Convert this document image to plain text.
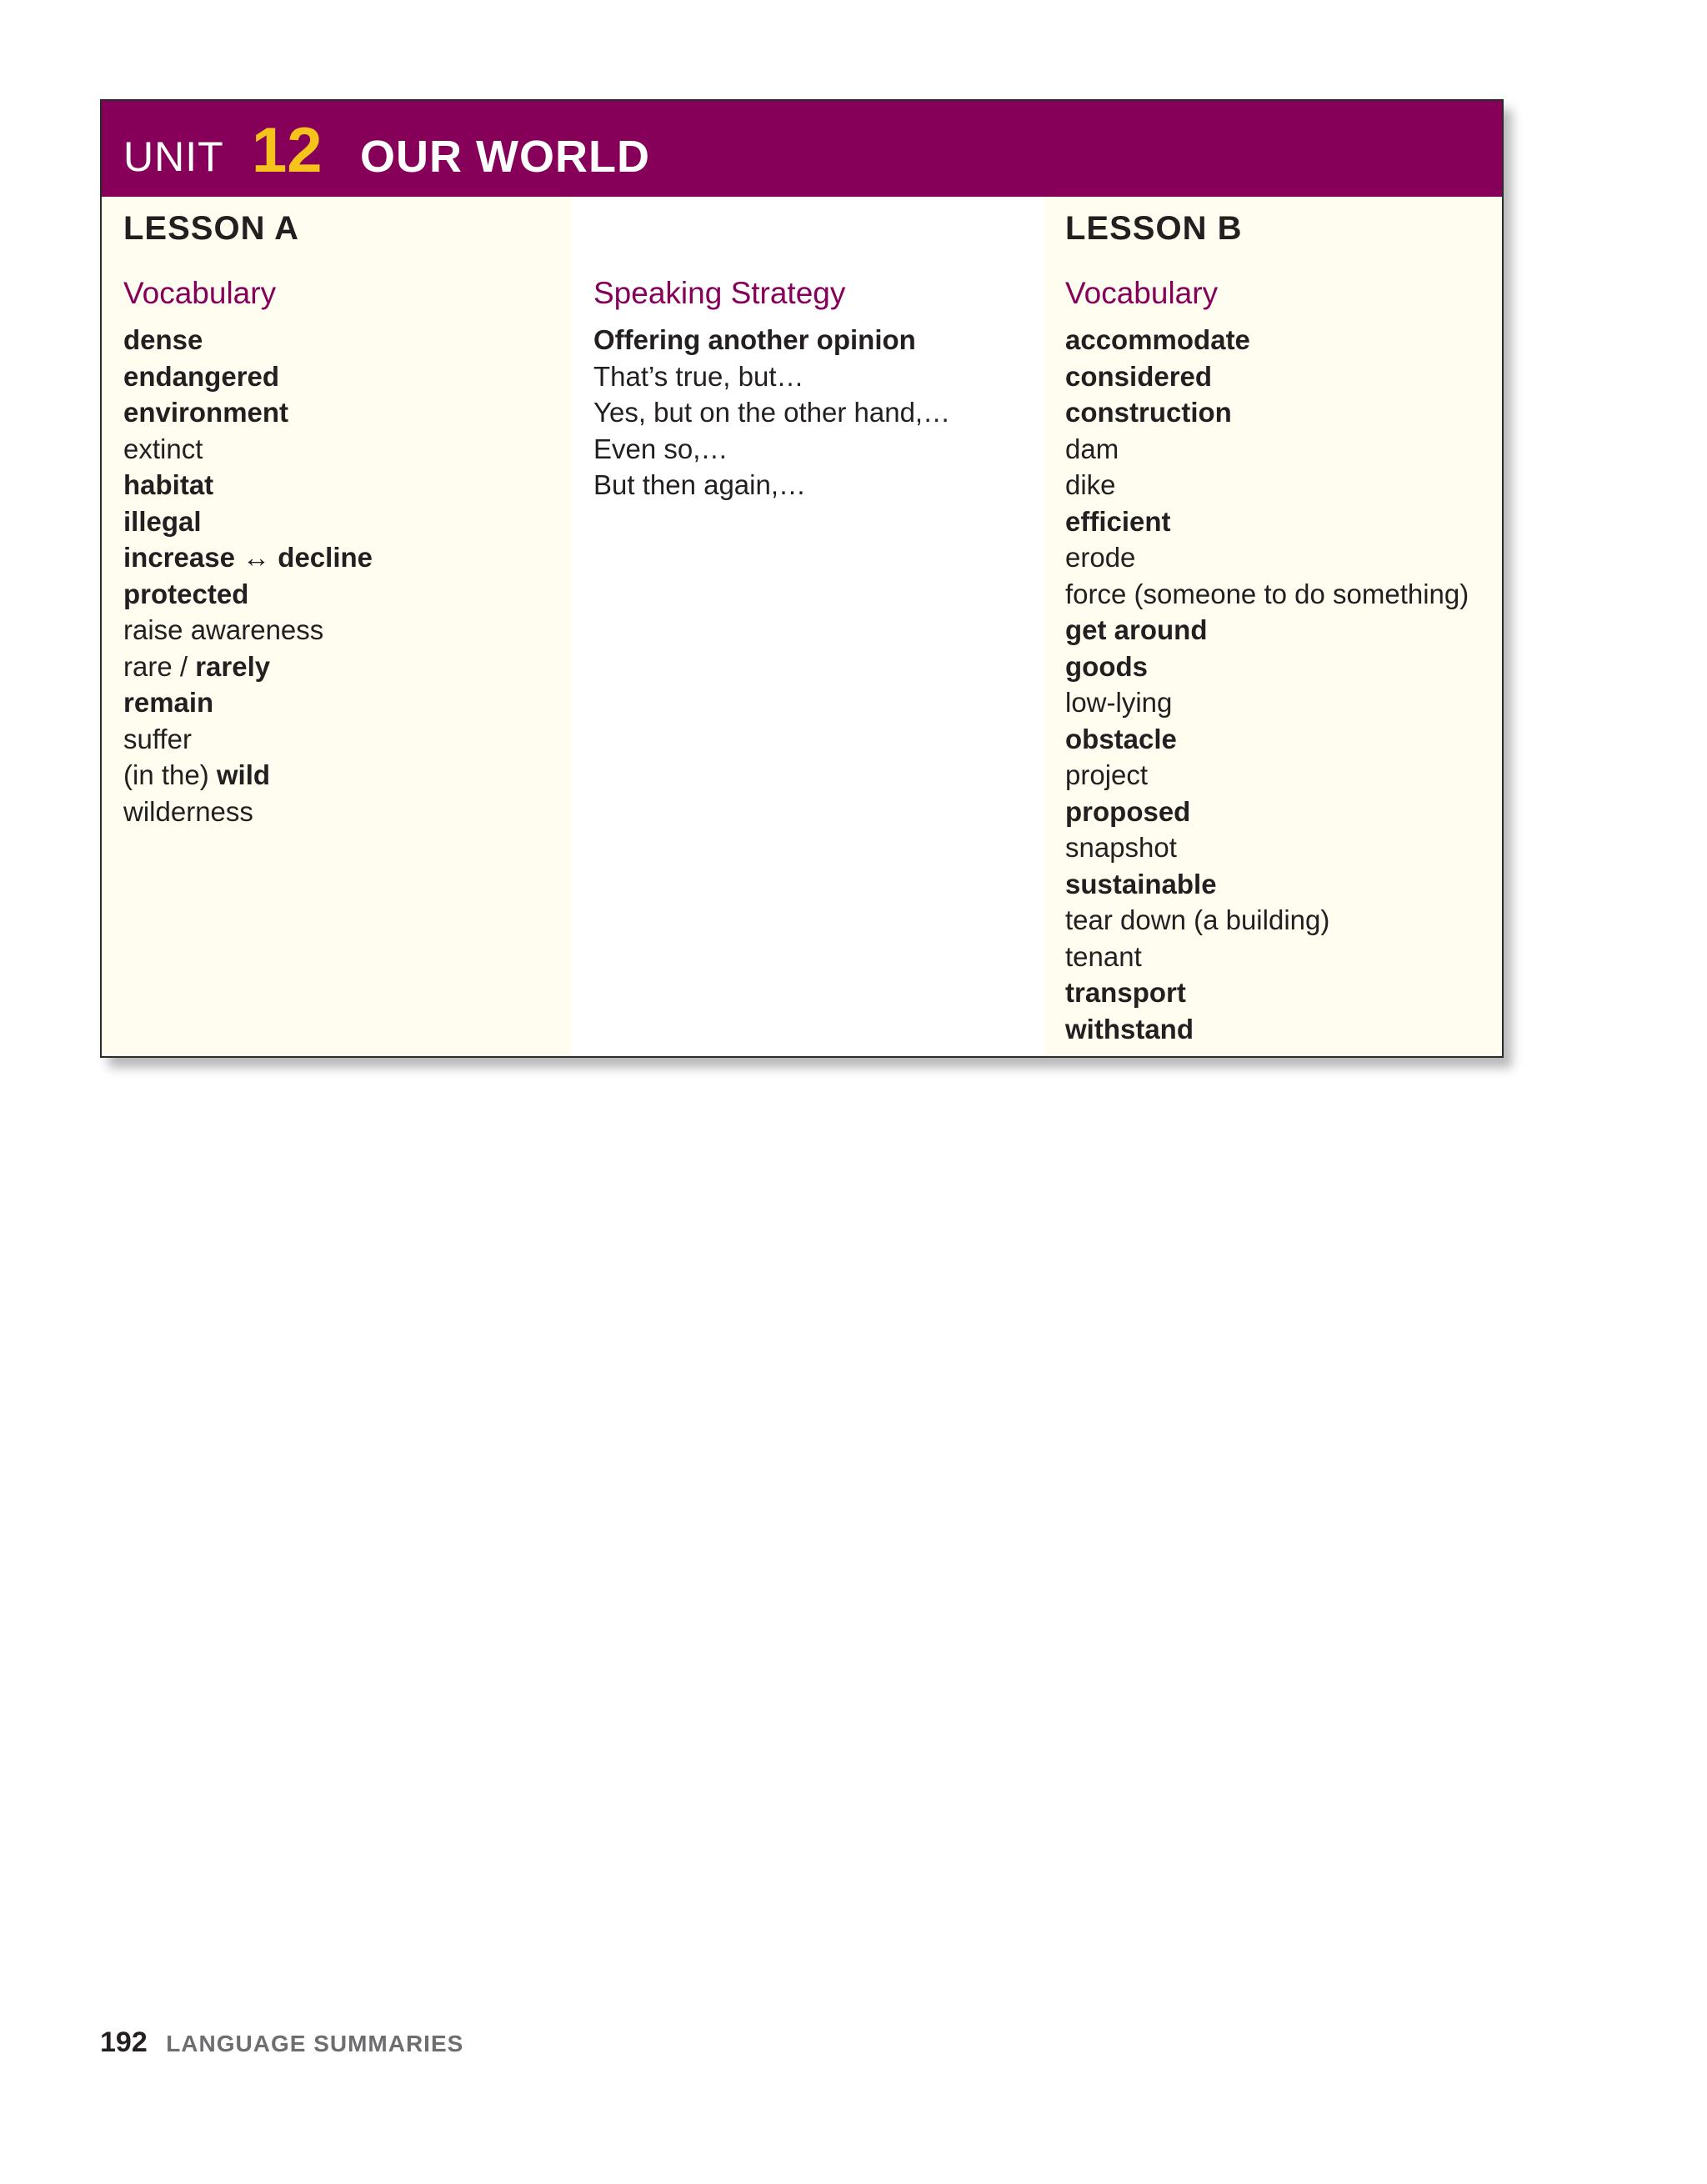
UNIT 12 OUR WORLD
LESSON A
Vocabulary
dense
endangered
environment
extinct
habitat
illegal
increase ↔ decline
protected
raise awareness
rare / rarely
remain
suffer
(in the) wild
wilderness
Speaking Strategy
Offering another opinion
That’s true, but…
Yes, but on the other hand,…
Even so,…
But then again,…
LESSON B
Vocabulary
accommodate
considered
construction
dam
dike
efficient
erode
force (someone to do something)
get around
goods
low-lying
obstacle
project
proposed
snapshot
sustainable
tear down (a building)
tenant
transport
withstand
192 LANGUAGE SUMMARIES
